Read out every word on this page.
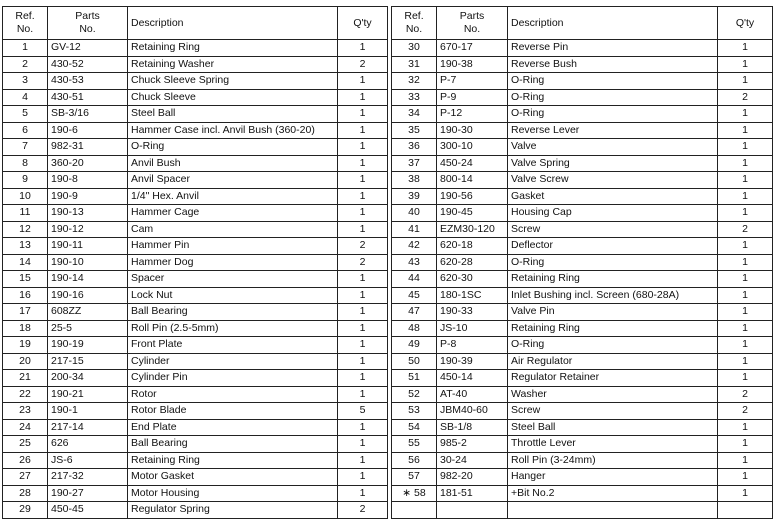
Ref.
No.	Parts
No.	Description	Q'ty		Ref.
No.	Parts
No.	Description	Q'ty
1	GV-12	Retaining Ring	1		30	670-17	Reverse Pin	1
2	430-52	Retaining Washer	2		31	190-38	Reverse Bush	1
3	430-53	Chuck Sleeve Spring	1		32	P-7	O-Ring	1
4	430-51	Chuck Sleeve	1		33	P-9	O-Ring	2
5	SB-3/16	Steel Ball	1		34	P-12	O-Ring	1
6	190-6	Hammer Case incl. Anvil Bush (360-20)	1		35	190-30	Reverse Lever	1
7	982-31	O-Ring	1		36	300-10	Valve	1
8	360-20	Anvil Bush	1		37	450-24	Valve Spring	1
9	190-8	Anvil Spacer	1		38	800-14	Valve Screw	1
10	190-9	1/4" Hex. Anvil	1		39	190-56	Gasket	1
11	190-13	Hammer Cage	1		40	190-45	Housing Cap	1
12	190-12	Cam	1		41	EZM30-120	Screw	2
13	190-11	Hammer Pin	2		42	620-18	Deflector	1
14	190-10	Hammer Dog	2		43	620-28	O-Ring	1
15	190-14	Spacer	1		44	620-30	Retaining Ring	1
16	190-16	Lock Nut	1		45	180-1SC	Inlet Bushing incl. Screen (680-28A)	1
17	608ZZ	Ball Bearing	1		47	190-33	Valve Pin	1
18	25-5	Roll Pin (2.5-5mm)	1		48	JS-10	Retaining Ring	1
19	190-19	Front Plate	1		49	P-8	O-Ring	1
20	217-15	Cylinder	1		50	190-39	Air Regulator	1
21	200-34	Cylinder Pin	1		51	450-14	Regulator Retainer	1
22	190-21	Rotor	1		52	AT-40	Washer	2
23	190-1	Rotor Blade	5		53	JBM40-60	Screw	2
24	217-14	End Plate	1		54	SB-1/8	Steel Ball	1
25	626	Ball Bearing	1		55	985-2	Throttle Lever	1
26	JS-6	Retaining Ring	1		56	30-24	Roll Pin (3-24mm)	1
27	217-32	Motor Gasket	1		57	982-20	Hanger	1
28	190-27	Motor Housing	1		∗ 58	181-51	+Bit No.2	1
29	450-45	Regulator Spring	2					
